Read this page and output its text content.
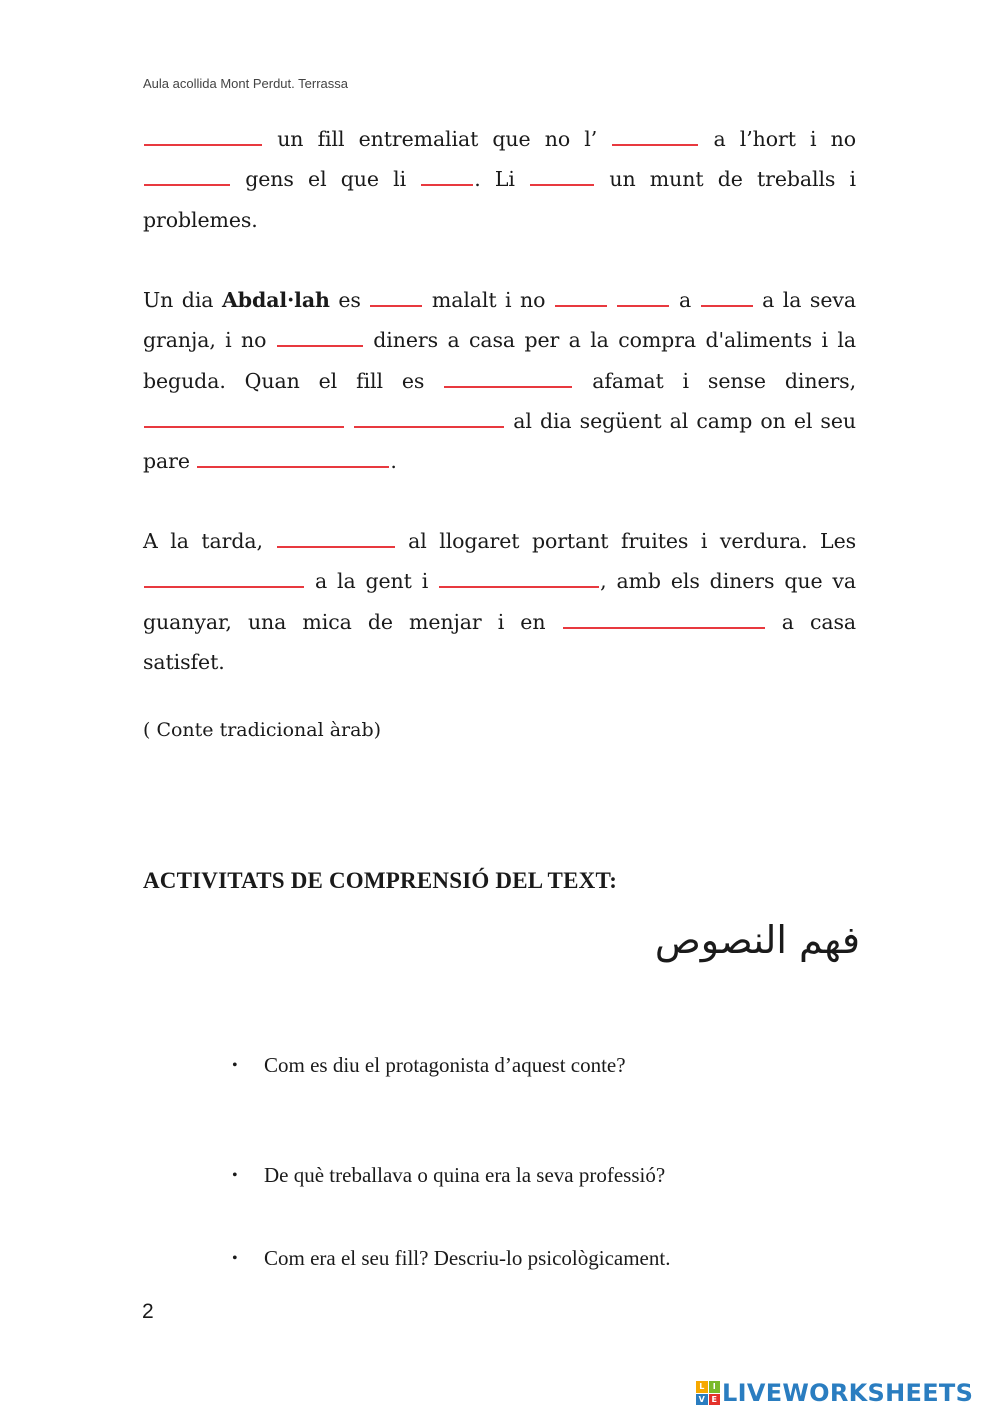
Aula acollida Mont Perdut. Terrassa

un fill entremaliat que no l’	a l’hort i no  gens el que li	. Li	un munt de treballs i problemes.

Un dia Abdal·lah es	malalt i no	a	a la seva granja, i no	diners a casa per a la compra d'aliments i la beguda. Quan el fill es	afamat i sense diners,   al dia següent al camp on el seu pare	.

A la tarda,	al llogaret portant fruites i verdura. Les  a la gent i	, amb els diners que va guanyar, una mica de menjar i en	a casa satisfet.

( Conte tradicional àrab)
ACTIVITATS DE COMPRENSIÓ DEL TEXT:
فهم النصوص
• Com es diu el protagonista d’aquest conte?
• De què treballava o quina era la seva professió?
• Com era el seu fill? Descriu-lo psicològicament.
2
L	I
V E LIVEWORKSHEETS
